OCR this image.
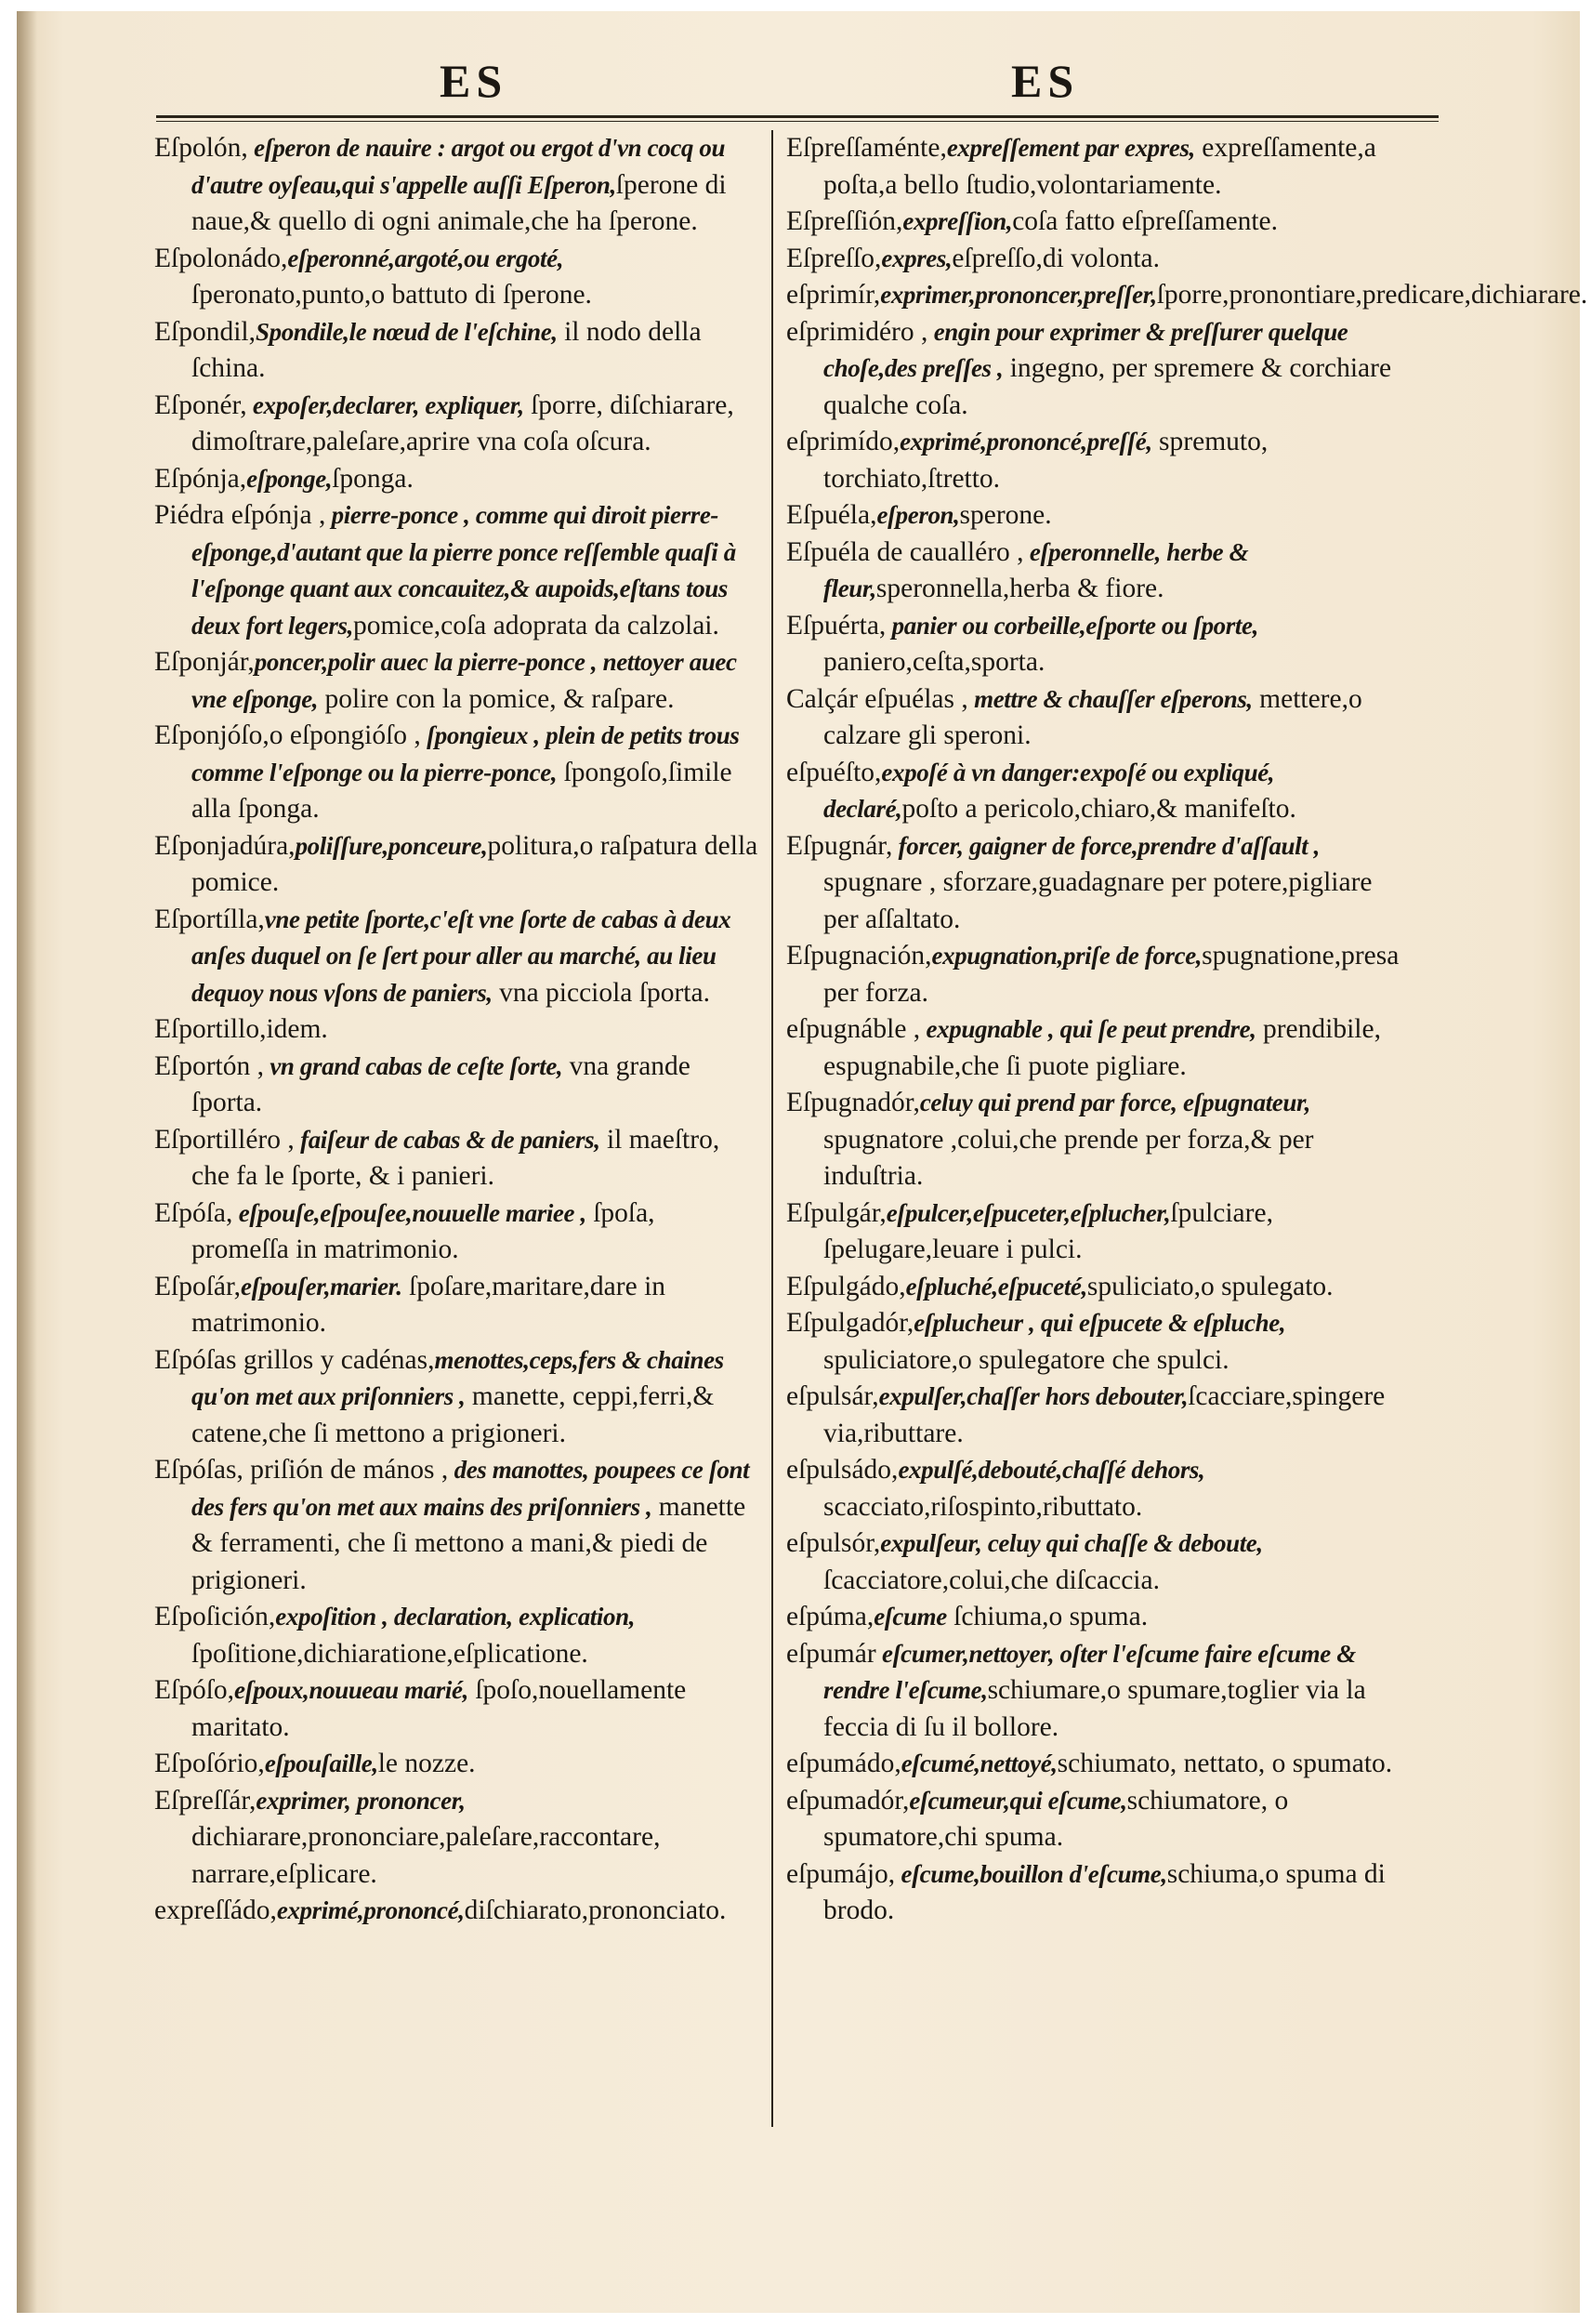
ES	ES

Eſpolón, eſperon de nauire : argot ou ergot d'vn cocq ou d'autre oyſeau,qui s'appelle auſſi Eſperon,ſperone di naue,& quello di ogni animale,che ha ſperone.

Eſpolonádo,eſperonné,argoté,ou ergoté, ſperonato,punto,o battuto di ſperone.

Eſpondil,Spondile,le nœud de l'eſchine, il nodo della ſchina.

Eſponér, expoſer,declarer, expliquer, ſporre, diſchiarare, dimoſtrare,paleſare,aprire vna coſa oſcura.

Eſpónja,eſponge,ſponga.

Piédra eſpónja , pierre-ponce , comme qui diroit pierre-eſponge,d'autant que la pierre ponce reſſemble quaſi à l'eſponge quant aux concauitez,& aupoids,eſtans tous deux fort legers,pomice,coſa adoprata da calzolai.

Eſponjár,poncer,polir auec la pierre-ponce , nettoyer auec vne eſponge, polire con la pomice, & raſpare.

Eſponjóſo,o eſpongióſo , ſpongieux , plein de petits trous comme l'eſponge ou la pierre-ponce, ſpongoſo,ſimile alla ſponga.

Eſponjadúra,poliſſure,ponceure,politura,o raſpatura della pomice.

Eſportílla,vne petite ſporte,c'eſt vne ſorte de cabas à deux anſes duquel on ſe ſert pour aller au marché, au lieu dequoy nous vſons de paniers, vna picciola ſporta.

Eſportillo,idem.

Eſportón , vn grand cabas de ceſte ſorte, vna grande ſporta.

Eſportilléro , faiſeur de cabas & de paniers, il maeſtro, che fa le ſporte, & i panieri.

Eſpóſa, eſpouſe,eſpouſee,nouuelle mariee , ſpoſa, promeſſa in matrimonio.

Eſpoſár,eſpouſer,marier. ſpoſare,maritare,dare in matrimonio.

Eſpóſas grillos y cadénas,menottes,ceps,fers & chaines qu'on met aux priſonniers , manette, ceppi,ferri,& catene,che ſi mettono a prigioneri.

Eſpóſas, priſión de mános , des manottes, poupees ce ſont des fers qu'on met aux mains des priſonniers , manette & ferramenti, che ſi mettono a mani,& piedi de prigioneri.

Eſpoſición,expoſition , declaration, explication, ſpoſitione,dichiaratione,eſplicatione.

Eſpóſo,eſpoux,nouueau marié, ſpoſo,nouellamente maritato.

Eſpoſório,eſpouſaille,le nozze.

Eſpreſſár,exprimer, prononcer, dichiarare,prononciare,paleſare,raccontare, narrare,eſplicare.

expreſſádo,exprimé,prononcé,diſchiarato,prononciato.

Eſpreſſaménte,expreſſement par expres, expreſſamente,a poſta,a bello ſtudio,volontariamente.

Eſpreſſión,expreſſion,coſa fatto eſpreſſamente.

Eſpreſſo,expres,eſpreſſo,di volonta.

eſprimír,exprimer,prononcer,preſſer,ſporre,pronontiare,predicare,dichiarare.

eſprimidéro , engin pour exprimer & preſſurer quelque choſe,des preſſes , ingegno, per spremere & corchiare qualche coſa.

eſprimído,exprimé,prononcé,preſſé, spremuto, torchiato,ſtretto.

Eſpuéla,eſperon,sperone.

Eſpuéla de caualléro , eſperonnelle, herbe & fleur,speronnella,herba & fiore.

Eſpuérta, panier ou corbeille,eſporte ou ſporte, paniero,ceſta,sporta.

Calçár eſpuélas , mettre & chauſſer eſperons, mettere,o calzare gli speroni.

eſpuéſto,expoſé à vn danger:expoſé ou expliqué, declaré,poſto a pericolo,chiaro,& manifeſto.

Eſpugnár, forcer, gaigner de force,prendre d'aſſault , spugnare , sforzare,guadagnare per potere,pigliare per aſſaltato.

Eſpugnación,expugnation,priſe de force,spugnatione,presa per forza.

eſpugnáble , expugnable , qui ſe peut prendre, prendibile, espugnabile,che ſi puote pigliare.

Eſpugnadór,celuy qui prend par force, eſpugnateur, spugnatore ,colui,che prende per forza,& per induſtria.

Eſpulgár,eſpulcer,eſpuceter,eſplucher,ſpulciare, ſpelugare,leuare i pulci.

Eſpulgádo,eſpluché,eſpuceté,spuliciato,o spulegato.

Eſpulgadór,eſplucheur , qui eſpucete & eſpluche, spuliciatore,o spulegatore che spulci.

eſpulsár,expulſer,chaſſer hors debouter,ſcacciare,spingere via,ributtare.

eſpulsádo,expulſé,debouté,chaſſé dehors, scacciato,riſospinto,ributtato.

eſpulsór,expulſeur, celuy qui chaſſe & deboute, ſcacciatore,colui,che diſcaccia.

eſpúma,eſcume ſchiuma,o spuma.

eſpumár eſcumer,nettoyer, oſter l'eſcume faire eſcume & rendre l'eſcume,schiumare,o spumare,toglier via la feccia di ſu il bollore.

eſpumádo,eſcumé,nettoyé,schiumato, nettato, o spumato.

eſpumadór,eſcumeur,qui eſcume,schiumatore, o spumatore,chi spuma.

eſpumájo, eſcume,bouillon d'eſcume,schiuma,o spuma di brodo.
